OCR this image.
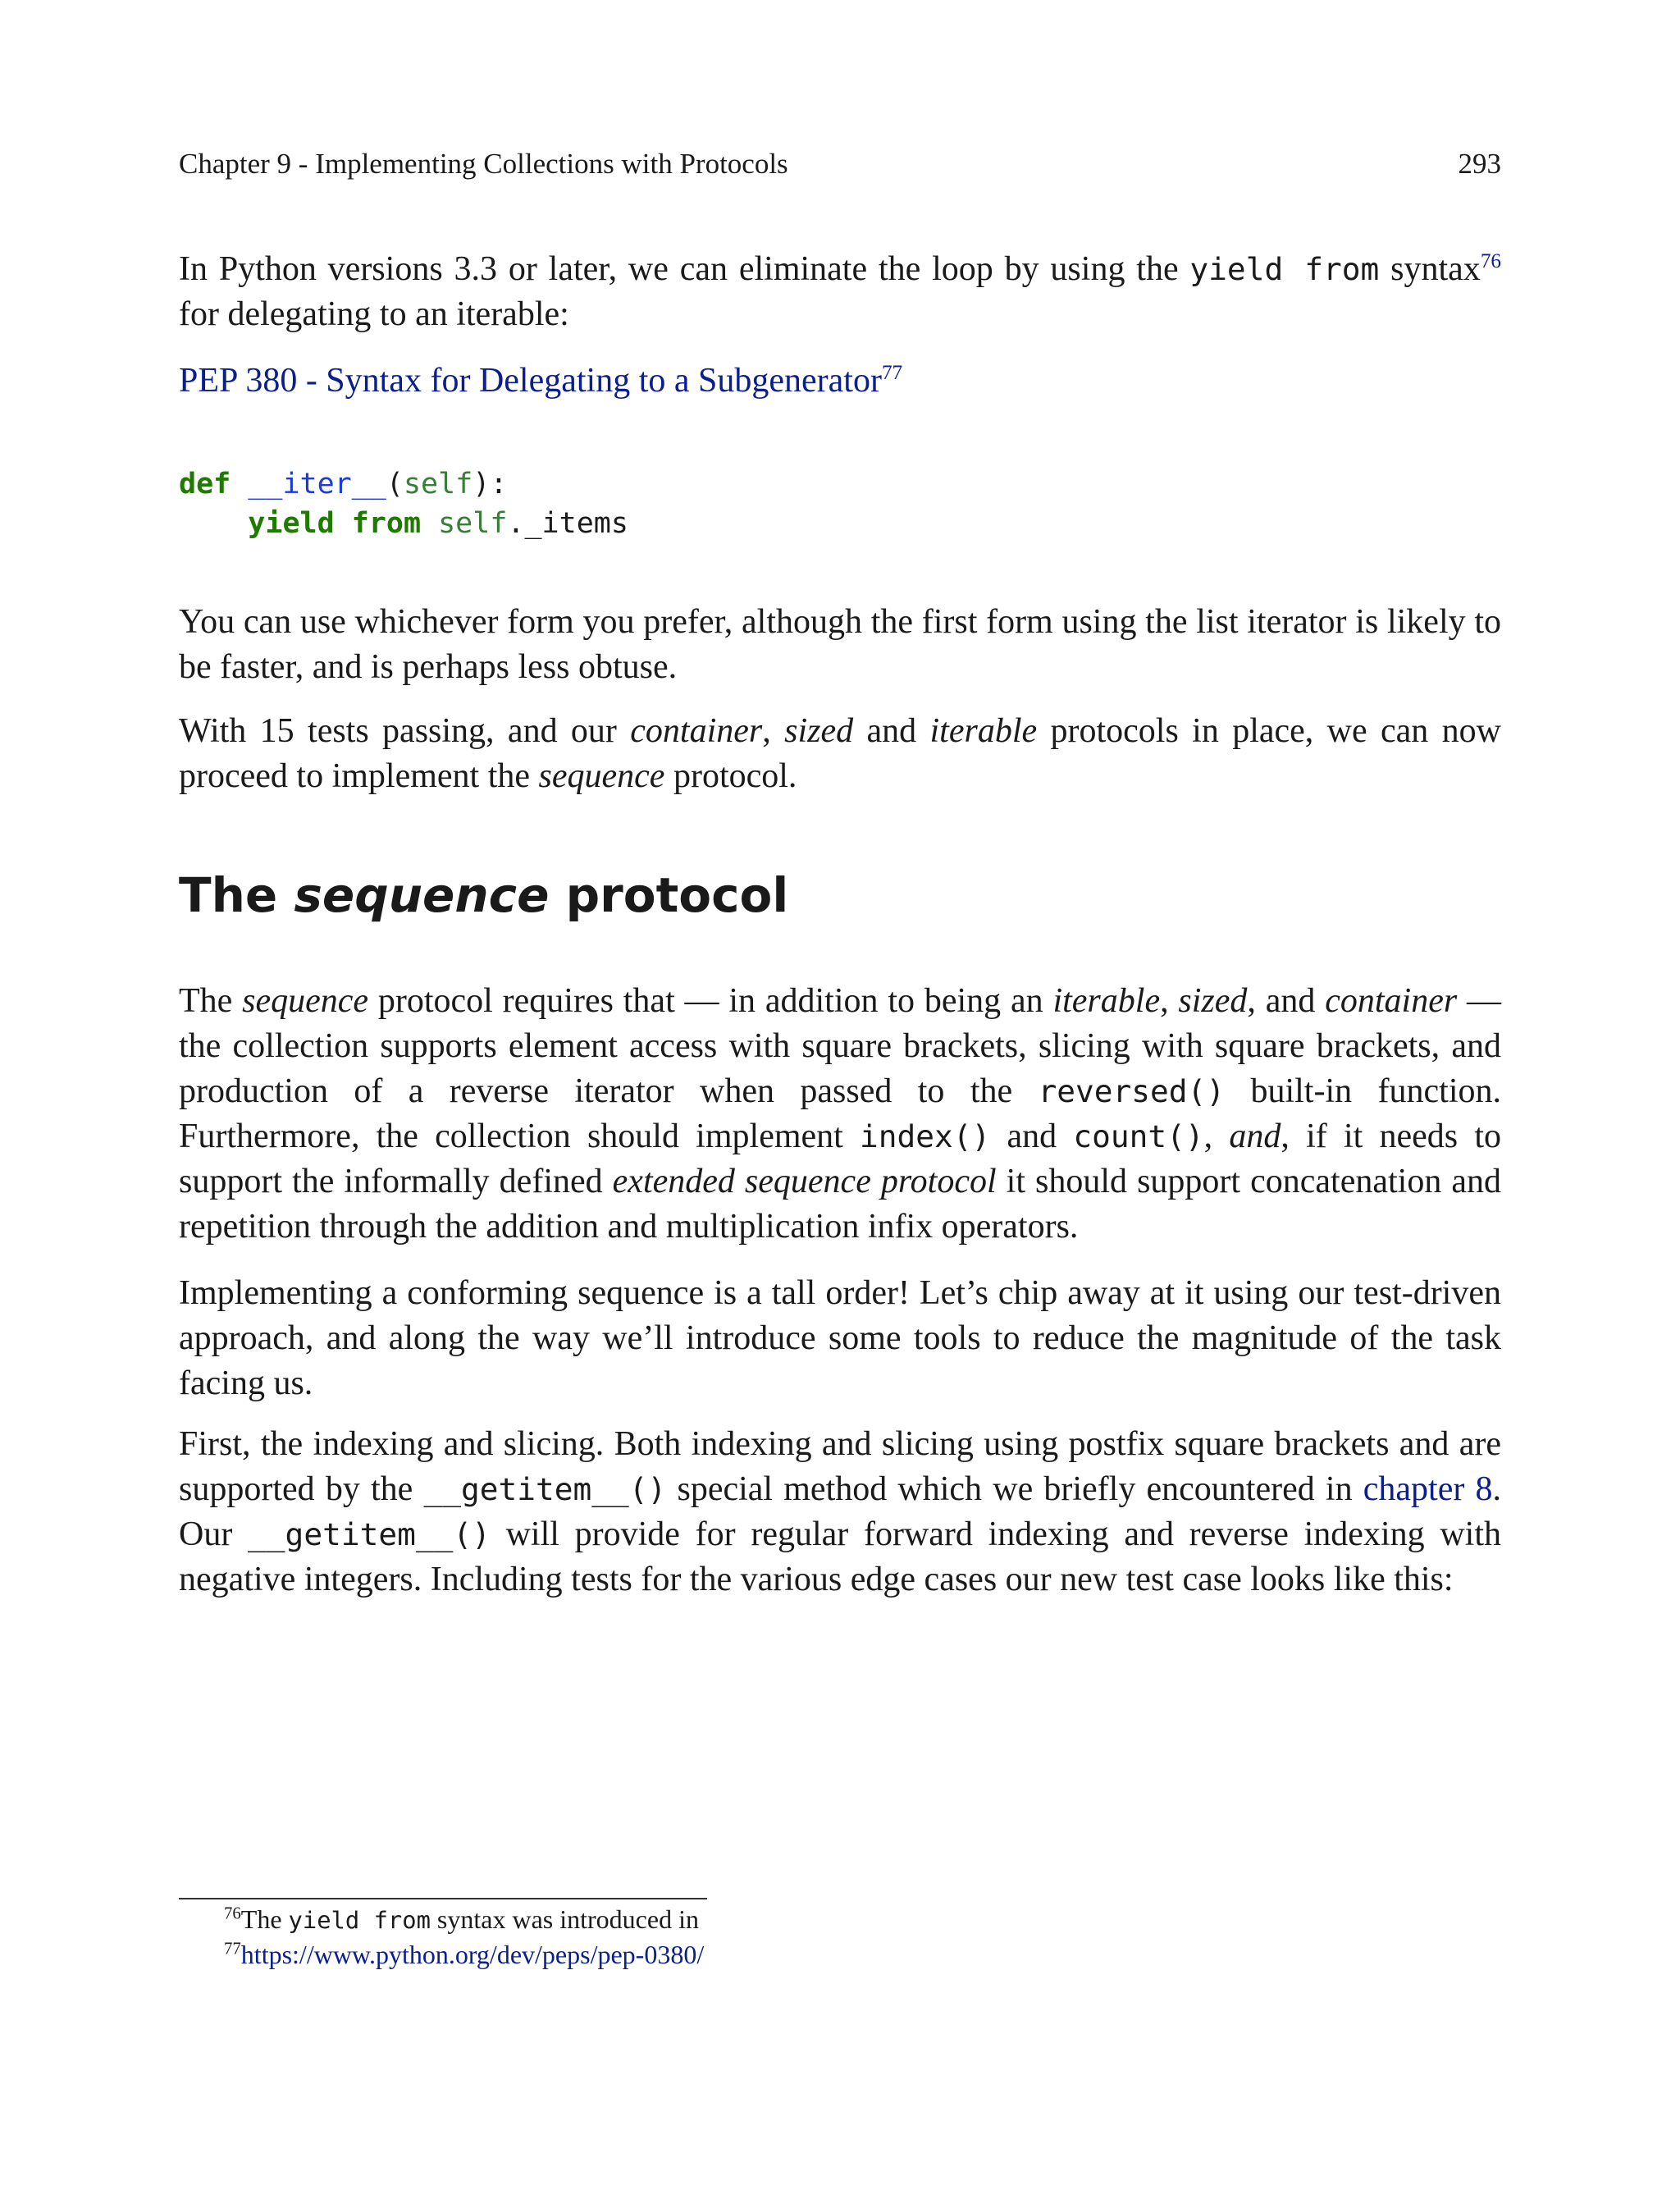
Chapter 9 - Implementing Collections with Protocols	293

In Python versions 3.3 or later, we can eliminate the loop by using the yield from syntax$^{76}$ for delegating to an iterable:

PEP 380 - Syntax for Delegating to a Subgenerator$^{77}$

def __iter__(self):
yield from self._items

You can use whichever form you prefer, although the first form using the list iterator is likely to be faster, and is perhaps less obtuse.

With 15 tests passing, and our container, sized and iterable protocols in place, we can now proceed to implement the sequence protocol.

The sequence protocol

The sequence protocol requires that — in addition to being an iterable, sized, and container — the collection supports element access with square brackets, slicing with square brackets, and production of a reverse iterator when passed to the reversed() built-in function. Furthermore, the collection should implement index() and count(), and, if it needs to support the informally defined extended sequence protocol it should support concatenation and repetition through the addition and multiplication infix operators.

Implementing a conforming sequence is a tall order! Let’s chip away at it using our test-driven approach, and along the way we’ll introduce some tools to reduce the magnitude of the task facing us.

First, the indexing and slicing. Both indexing and slicing using postfix square brackets and are supported by the __getitem__() special method which we briefly encountered in chapter 8. Our __getitem__() will provide for regular forward indexing and reverse indexing with negative integers. Including tests for the various edge cases our new test case looks like this:

$^{76}$The yield from syntax was introduced in
$^{77}$https://www.python.org/dev/peps/pep-0380/
